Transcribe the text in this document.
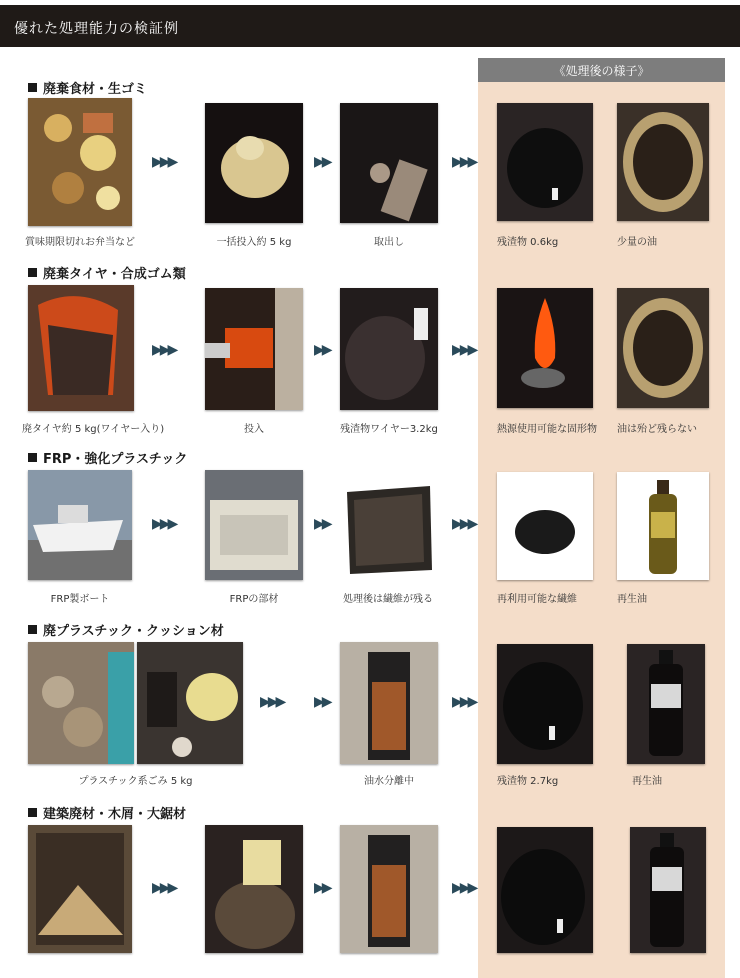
優れた処理能力の検証例
《処理後の様子》
廃棄食材・生ゴミ
賞味期限切れお弁当など
▶▶▶
一括投入約 5 kg
▶▶
取出し
▶▶▶
残渣物 0.6kg	少量の油
廃棄タイヤ・合成ゴム類
廃タイヤ約 5 kg(ワイヤー入り)
▶▶▶
投入
▶▶
残渣物ワイヤー3.2kg
▶▶▶
熱源使用可能な固形物	油は殆ど残らない
FRP・強化プラスチック
FRP製ボート
▶▶▶
FRPの部材
▶▶
処理後は繊維が残る
▶▶▶
再利用可能な繊維	再生油
廃プラスチック・クッション材
プラスチック系ごみ 5 kg
▶▶▶ ▶▶
油水分離中
▶▶▶
残渣物 2.7kg	再生油
建築廃材・木屑・大鋸材
▶▶▶	▶▶	▶▶▶
